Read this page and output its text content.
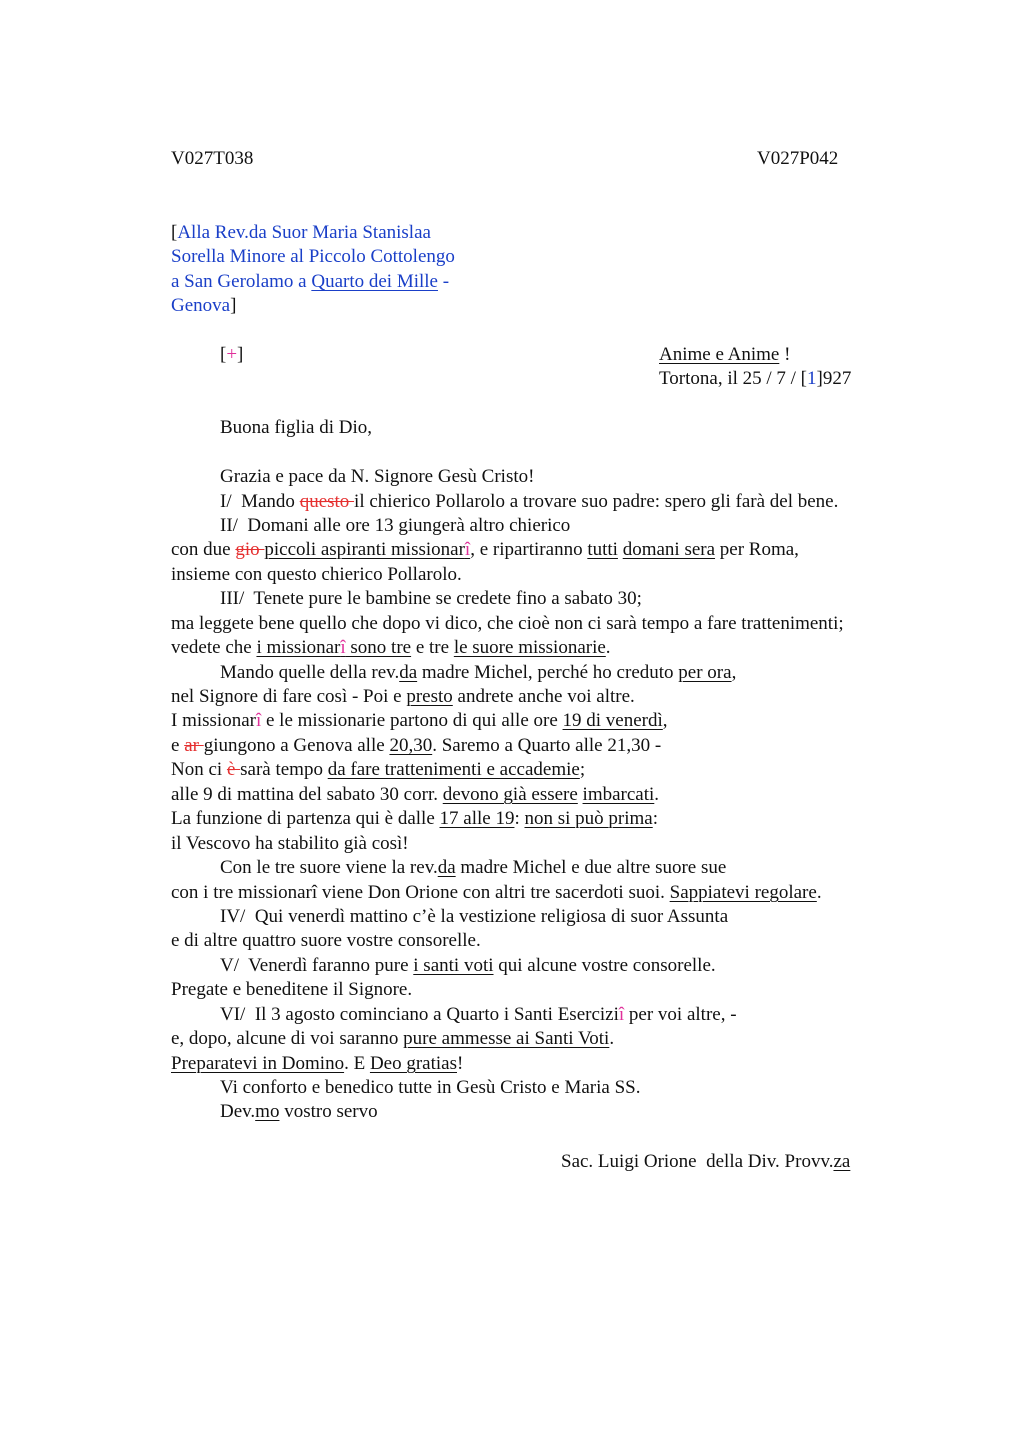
V027T038	V027P042
[Alla Rev.da Suor Maria Stanislaa
Sorella Minore al Piccolo Cottolengo
a San Gerolamo a Quarto dei Mille -
Genova]
[+]	Anime e Anime !
Tortona, il 25 / 7 / [1]927
Buona figlia di Dio,
Grazia e pace da N. Signore Gesù Cristo!
I/  Mando questo il chierico Pollarolo a trovare suo padre: spero gli farà del bene.
II/  Domani alle ore 13 giungerà altro chierico
con due gio piccoli aspiranti missionarî, e ripartiranno tutti domani sera per Roma,
insieme con questo chierico Pollarolo.
III/  Tenete pure le bambine se credete fino a sabato 30;
ma leggete bene quello che dopo vi dico, che cioè non ci sarà tempo a fare trattenimenti;
vedete che i missionarî sono tre e tre le suore missionarie.
Mando quelle della rev.da madre Michel, perché ho creduto per ora,
nel Signore di fare così - Poi e presto andrete anche voi altre.
I missionarî e le missionarie partono di qui alle ore 19 di venerdì,
e ar giungono a Genova alle 20,30. Saremo a Quarto alle 21,30 -
Non ci è sarà tempo da fare trattenimenti e accademie;
alle 9 di mattina del sabato 30 corr. devono già essere imbarcati.
La funzione di partenza qui è dalle 17 alle 19: non si può prima:
il Vescovo ha stabilito già così!
Con le tre suore viene la rev.da madre Michel e due altre suore sue
con i tre missionarî viene Don Orione con altri tre sacerdoti suoi. Sappiatevi regolare.
IV/  Qui venerdì mattino c’è la vestizione religiosa di suor Assunta
e di altre quattro suore vostre consorelle.
V/  Venerdì faranno pure i santi voti qui alcune vostre consorelle.
Pregate e beneditene il Signore.
VI/  Il 3 agosto cominciano a Quarto i Santi Eserciziî per voi altre, -
e, dopo, alcune di voi saranno pure ammesse ai Santi Voti.
Preparatevi in Domino. E Deo gratias!
Vi conforto e benedico tutte in Gesù Cristo e Maria SS.
Dev.mo vostro servo
Sac. Luigi Orione  della Div. Provv.za
